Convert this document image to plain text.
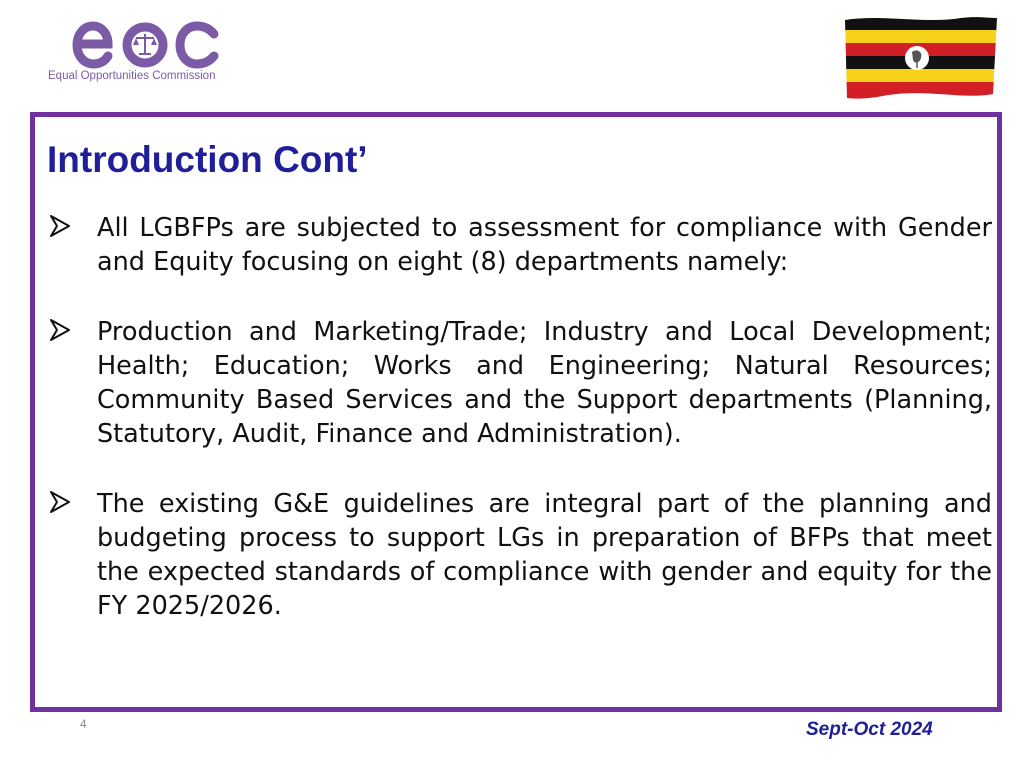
Equal Opportunities Commission
Introduction Cont’
All LGBFPs are subjected to assessment for compliance with Gender and Equity focusing on eight (8) departments namely:
Production and Marketing/Trade; Industry and Local Development; Health; Education; Works and Engineering; Natural Resources; Community Based Services and the Support departments (Planning, Statutory, Audit, Finance and Administration).
The existing G&E guidelines are integral part of the planning and budgeting process to support LGs in preparation of BFPs that meet the expected standards of compliance with gender and equity for the FY 2025/2026.
4	Sept-Oct 2024
